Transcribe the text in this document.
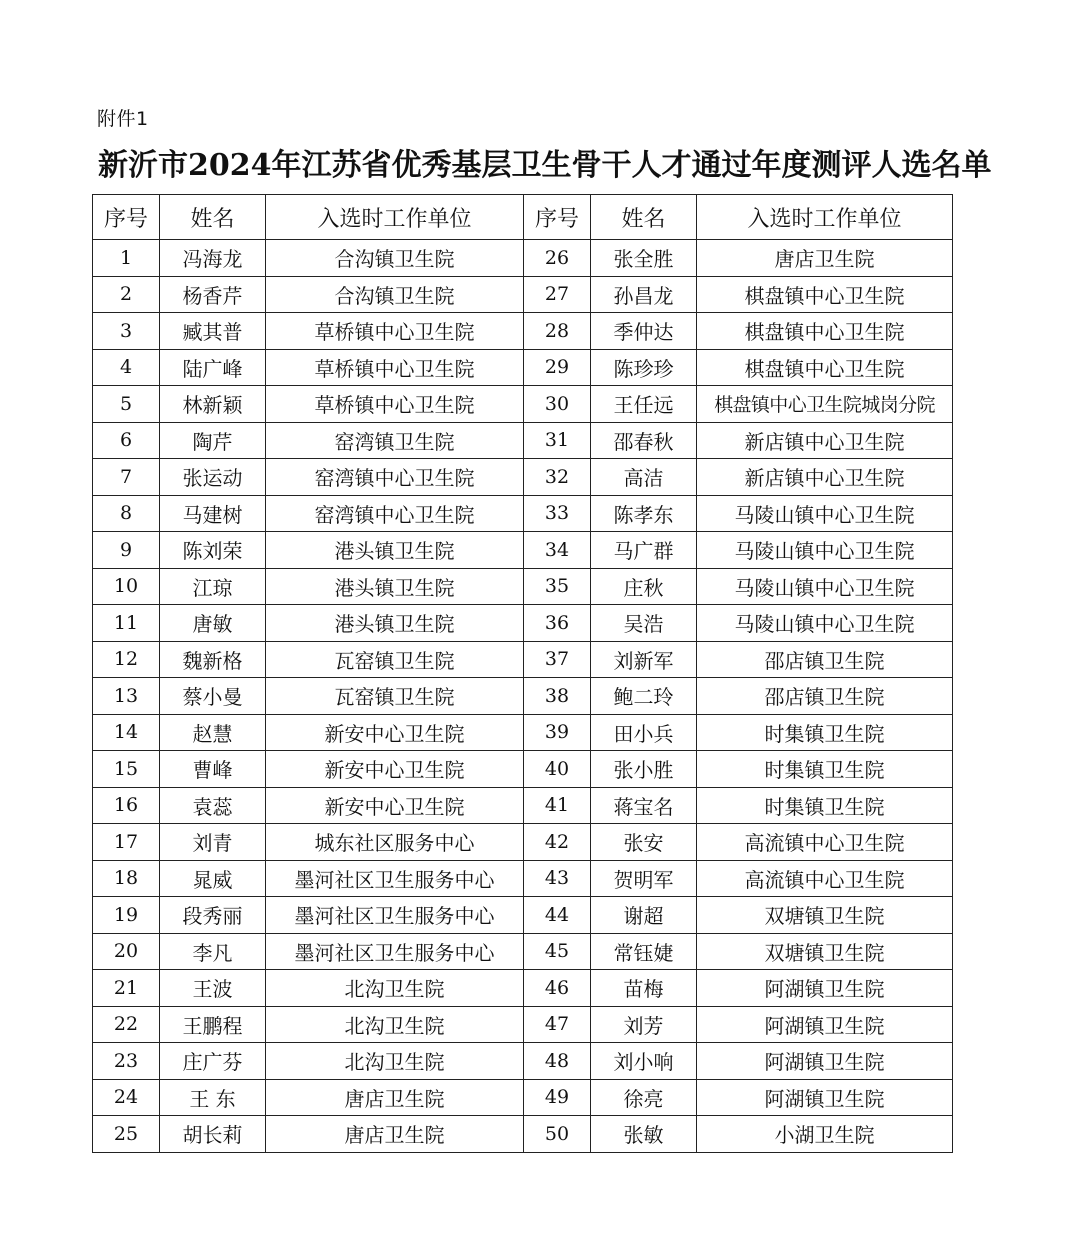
附件1
新沂市2024年江苏省优秀基层卫生骨干人才通过年度测评人选名单
序号	姓名	入选时工作单位	序号	姓名	入选时工作单位
1	冯海龙	合沟镇卫生院	26	张全胜	唐店卫生院
2	杨香芹	合沟镇卫生院	27	孙昌龙	棋盘镇中心卫生院
3	臧其普	草桥镇中心卫生院	28	季仲达	棋盘镇中心卫生院
4	陆广峰	草桥镇中心卫生院	29	陈珍珍	棋盘镇中心卫生院
5	林新颖	草桥镇中心卫生院	30	王任远	棋盘镇中心卫生院城岗分院
6	陶芹	窑湾镇卫生院	31	邵春秋	新店镇中心卫生院
7	张运动	窑湾镇中心卫生院	32	高洁	新店镇中心卫生院
8	马建树	窑湾镇中心卫生院	33	陈孝东	马陵山镇中心卫生院
9	陈刘荣	港头镇卫生院	34	马广群	马陵山镇中心卫生院
10	江琼	港头镇卫生院	35	庄秋	马陵山镇中心卫生院
11	唐敏	港头镇卫生院	36	吴浩	马陵山镇中心卫生院
12	魏新格	瓦窑镇卫生院	37	刘新军	邵店镇卫生院
13	蔡小曼	瓦窑镇卫生院	38	鲍二玲	邵店镇卫生院
14	赵慧	新安中心卫生院	39	田小兵	时集镇卫生院
15	曹峰	新安中心卫生院	40	张小胜	时集镇卫生院
16	袁蕊	新安中心卫生院	41	蒋宝名	时集镇卫生院
17	刘青	城东社区服务中心	42	张安	高流镇中心卫生院
18	晁威	墨河社区卫生服务中心	43	贺明军	高流镇中心卫生院
19	段秀丽	墨河社区卫生服务中心	44	谢超	双塘镇卫生院
20	李凡	墨河社区卫生服务中心	45	常钰婕	双塘镇卫生院
21	王波	北沟卫生院	46	苗梅	阿湖镇卫生院
22	王鹏程	北沟卫生院	47	刘芳	阿湖镇卫生院
23	庄广芬	北沟卫生院	48	刘小响	阿湖镇卫生院
24	王 东	唐店卫生院	49	徐亮	阿湖镇卫生院
25	胡长莉	唐店卫生院	50	张敏	小湖卫生院
